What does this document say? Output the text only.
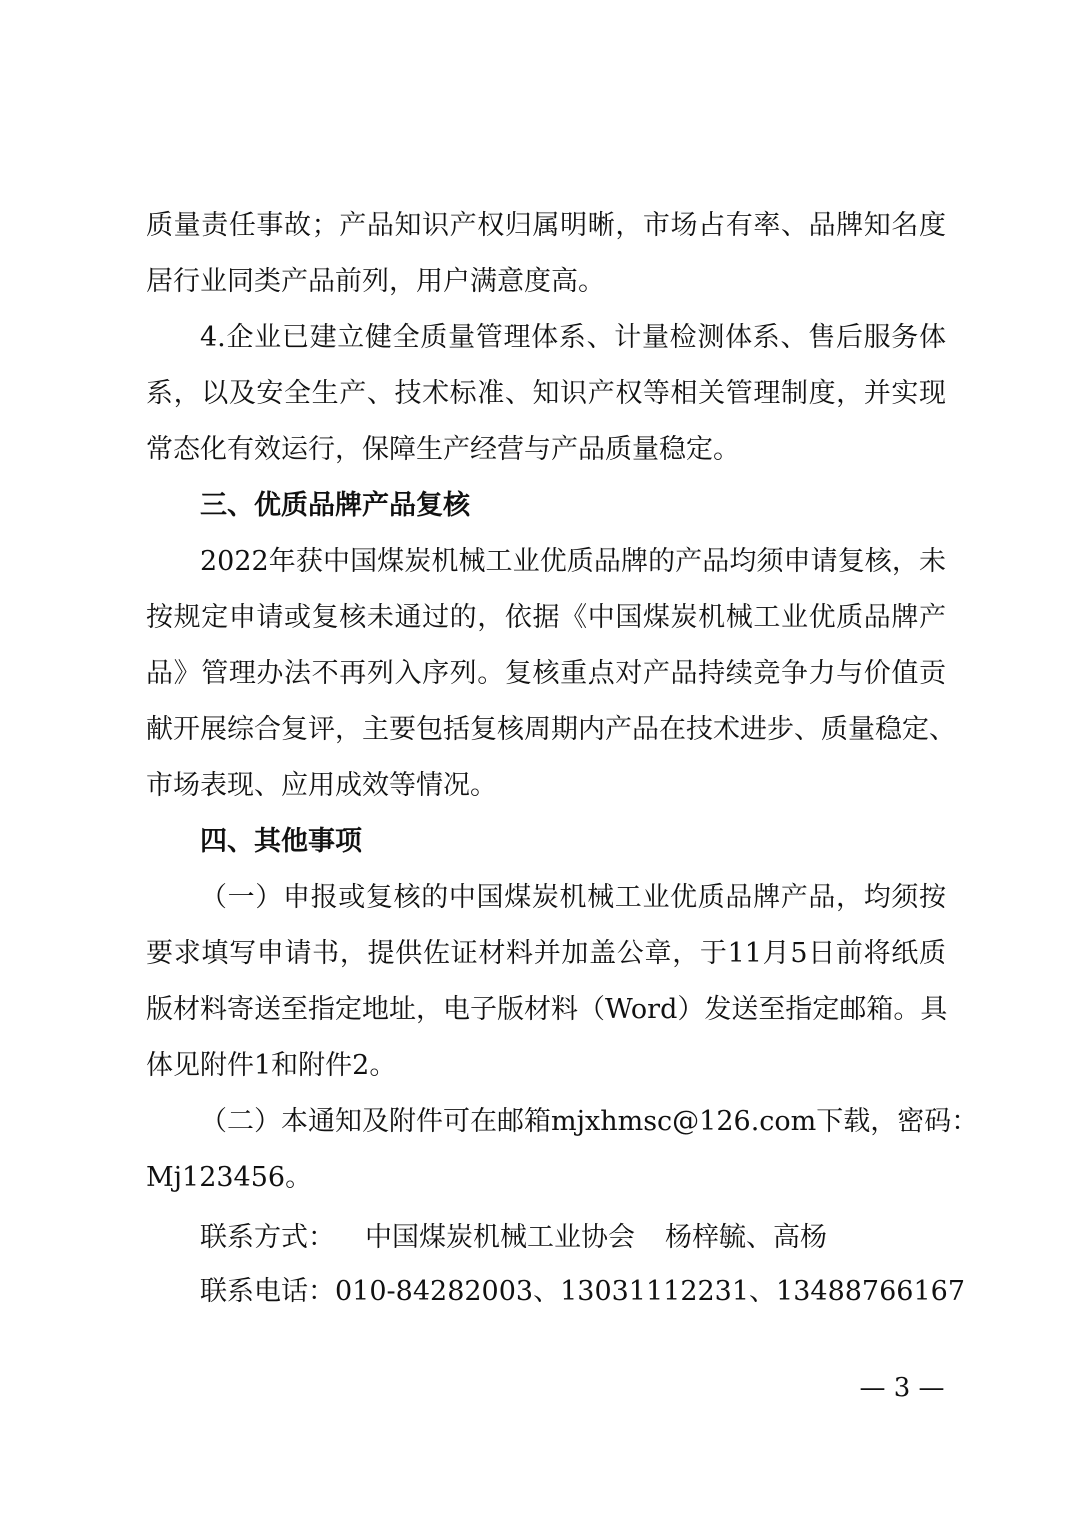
质量责任事故；产品知识产权归属明晰，市场占有率、品牌知名度
居行业同类产品前列，用户满意度高。
4.企业已建立健全质量管理体系、计量检测体系、售后服务体
系，以及安全生产、技术标准、知识产权等相关管理制度，并实现
常态化有效运行，保障生产经营与产品质量稳定。
三、优质品牌产品复核
2022年获中国煤炭机械工业优质品牌的产品均须申请复核，未
按规定申请或复核未通过的，依据《中国煤炭机械工业优质品牌产
品》管理办法不再列入序列。复核重点对产品持续竞争力与价值贡
献开展综合复评，主要包括复核周期内产品在技术进步、质量稳定、
市场表现、应用成效等情况。
四、其他事项
（一）申报或复核的中国煤炭机械工业优质品牌产品，均须按
要求填写申请书，提供佐证材料并加盖公章，于11月5日前将纸质
版材料寄送至指定地址，电子版材料（Word）发送至指定邮箱。具
体见附件1和附件2。
（二）本通知及附件可在邮箱mjxhmsc@126.com下载，密码：
Mj123456。
联系方式： 中国煤炭机械工业协会 杨梓毓、高杨
联系电话：010-84282003、13031112231、13488766167
— 3 —
